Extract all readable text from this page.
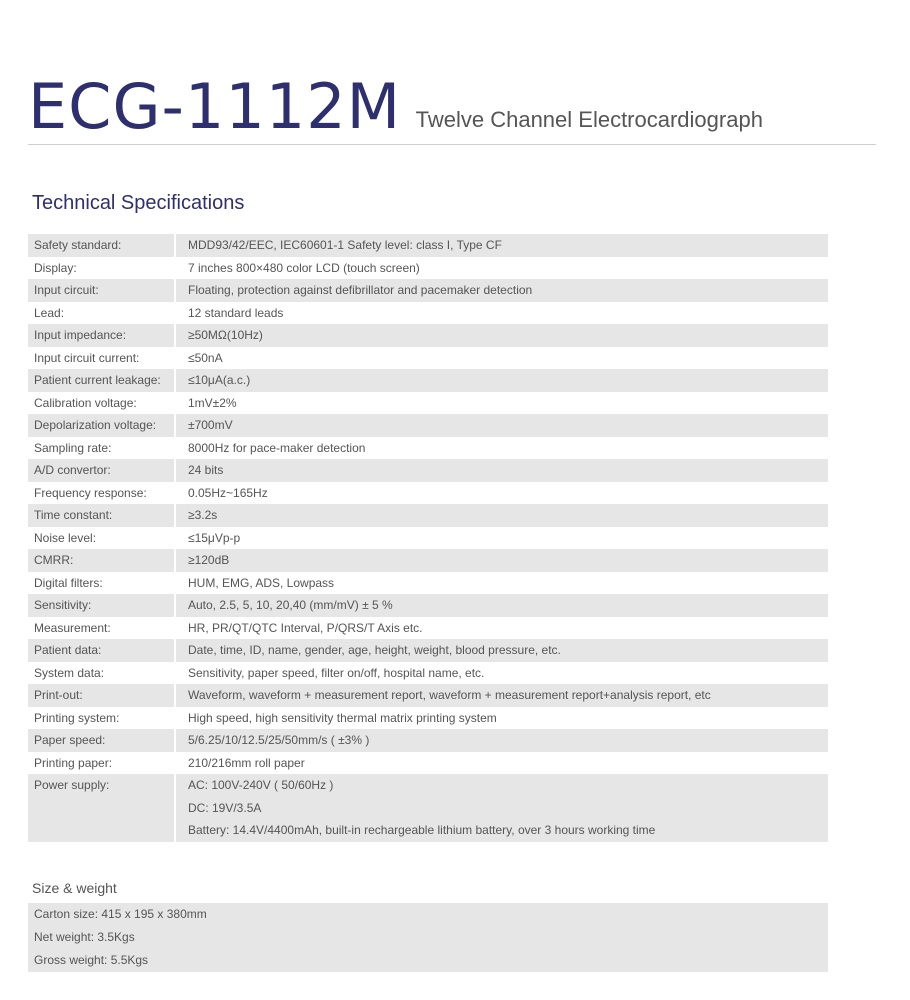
ECG-1112M Twelve Channel Electrocardiograph
Technical Specifications
Safety standard:	MDD93/42/EEC, IEC60601-1 Safety level: class I, Type CF
Display:	7 inches 800×480 color LCD (touch screen)
Input circuit:	Floating, protection against defibrillator and pacemaker detection
Lead:	12 standard leads
Input impedance:	≥50MΩ(10Hz)
Input circuit current:	≤50nA
Patient current leakage:	≤10μA(a.c.)
Calibration voltage:	1mV±2%
Depolarization voltage:	±700mV
Sampling rate:	8000Hz for pace-maker detection
A/D convertor:	24 bits
Frequency response:	0.05Hz~165Hz
Time constant:	≥3.2s
Noise level:	≤15μVp-p
CMRR:	≥120dB
Digital filters:	HUM, EMG, ADS, Lowpass
Sensitivity:	Auto, 2.5, 5, 10, 20,40 (mm/mV) ± 5 %
Measurement:	HR, PR/QT/QTC Interval, P/QRS/T Axis etc.
Patient data:	Date, time, ID, name, gender, age, height, weight, blood pressure, etc.
System data:	Sensitivity, paper speed, filter on/off, hospital name, etc.
Print-out:	Waveform, waveform + measurement report, waveform + measurement report+analysis report, etc
Printing system:	High speed, high sensitivity thermal matrix printing system
Paper speed:	5/6.25/10/12.5/25/50mm/s ( ±3% )
Printing paper:	210/216mm roll paper

Power supply:	AC: 100V-240V ( 50/60Hz )
DC: 19V/3.5A
Battery: 14.4V/4400mAh, built-in rechargeable lithium battery, over 3 hours working time
Size & weight
Carton size: 415 x 195 x 380mm
Net weight: 3.5Kgs
Gross weight: 5.5Kgs
